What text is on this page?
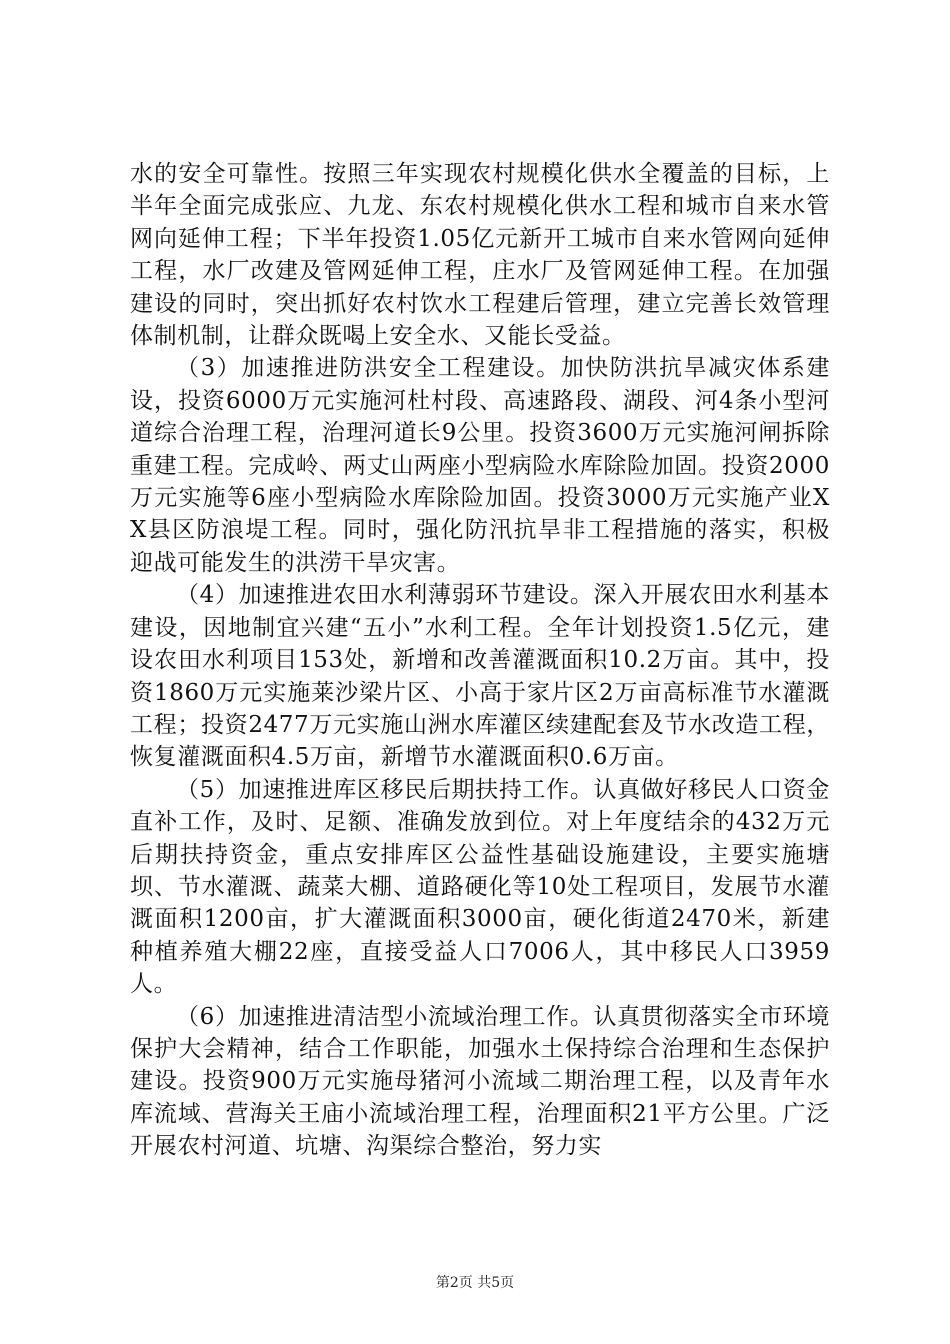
水的安全可靠性。按照三年实现农村规模化供水全覆盖的目标，上半年全面完成张应、九龙、东农村规模化供水工程和城市自来水管网向延伸工程；下半年投资1.05亿元新开工城市自来水管网向延伸工程，水厂改建及管网延伸工程，庄水厂及管网延伸工程。在加强建设的同时，突出抓好农村饮水工程建后管理，建立完善长效管理体制机制，让群众既喝上安全水、又能长受益。

（3）加速推进防洪安全工程建设。加快防洪抗旱减灾体系建设，投资6000万元实施河杜村段、高速路段、湖段、河4条小型河道综合治理工程，治理河道长9公里。投资3600万元实施河闸拆除重建工程。完成岭、两丈山两座小型病险水库除险加固。投资2000万元实施等6座小型病险水库除险加固。投资3000万元实施产业XX县区防浪堤工程。同时，强化防汛抗旱非工程措施的落实，积极迎战可能发生的洪涝干旱灾害。

（4）加速推进农田水利薄弱环节建设。深入开展农田水利基本建设，因地制宜兴建“五小”水利工程。全年计划投资1.5亿元，建设农田水利项目153处，新增和改善灌溉面积10.2万亩。其中，投资1860万元实施莱沙梁片区、小高于家片区2万亩高标准节水灌溉工程；投资2477万元实施山洲水库灌区续建配套及节水改造工程，恢复灌溉面积4.5万亩，新增节水灌溉面积0.6万亩。

（5）加速推进库区移民后期扶持工作。认真做好移民人口资金直补工作，及时、足额、准确发放到位。对上年度结余的432万元后期扶持资金，重点安排库区公益性基础设施建设，主要实施塘坝、节水灌溉、蔬菜大棚、道路硬化等10处工程项目，发展节水灌溉面积1200亩，扩大灌溉面积3000亩，硬化街道2470米，新建种植养殖大棚22座，直接受益人口7006人，其中移民人口3959人。

（6）加速推进清洁型小流域治理工作。认真贯彻落实全市环境保护大会精神，结合工作职能，加强水土保持综合治理和生态保护建设。投资900万元实施母猪河小流域二期治理工程，以及青年水库流域、营海关王庙小流域治理工程，治理面积21平方公里。广泛开展农村河道、坑塘、沟渠综合整治，努力实

第2页 共5页
